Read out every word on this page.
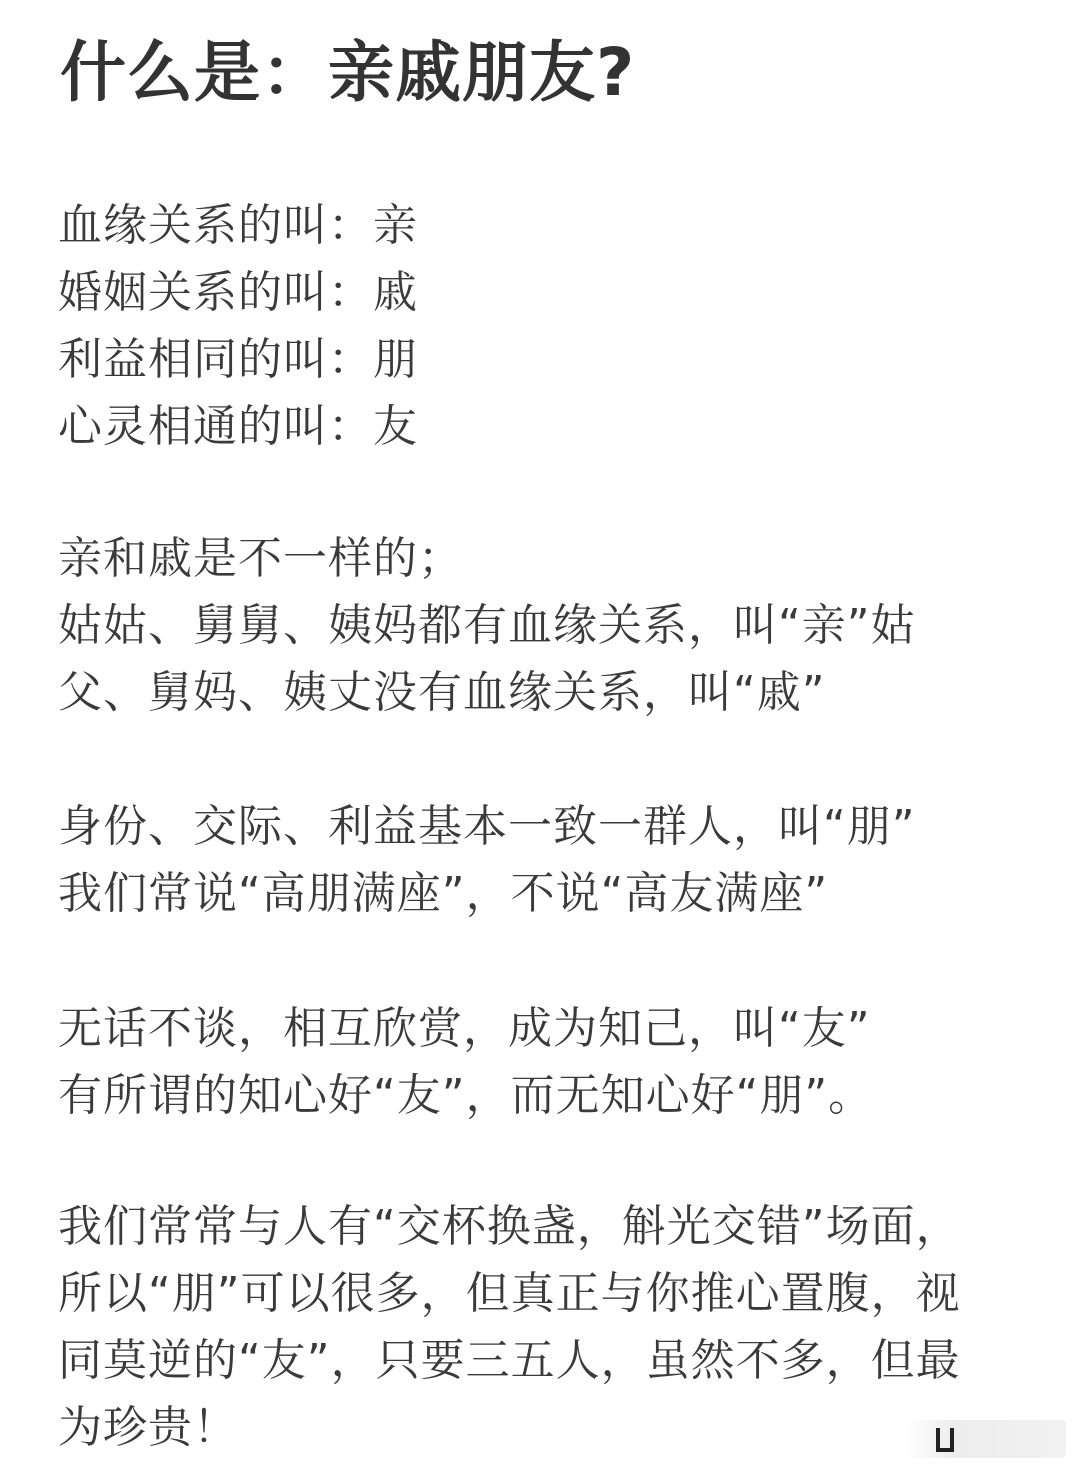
什么是：亲戚朋友?
血缘关系的叫：亲
婚姻关系的叫：戚
利益相同的叫：朋
心灵相通的叫：友
亲和戚是不一样的；
姑姑、舅舅、姨妈都有血缘关系，叫“亲”姑
父、舅妈、姨丈没有血缘关系，叫“戚”
身份、交际、利益基本一致一群人，叫“朋”
我们常说“高朋满座”，不说“高友满座”
无话不谈，相互欣赏，成为知己，叫“友”
有所谓的知心好“友”，而无知心好“朋”。
我们常常与人有“交杯换盏，斛光交错”场面，
所以“朋”可以很多，但真正与你推心置腹，视
同莫逆的“友”，只要三五人，虽然不多，但最
为珍贵！
